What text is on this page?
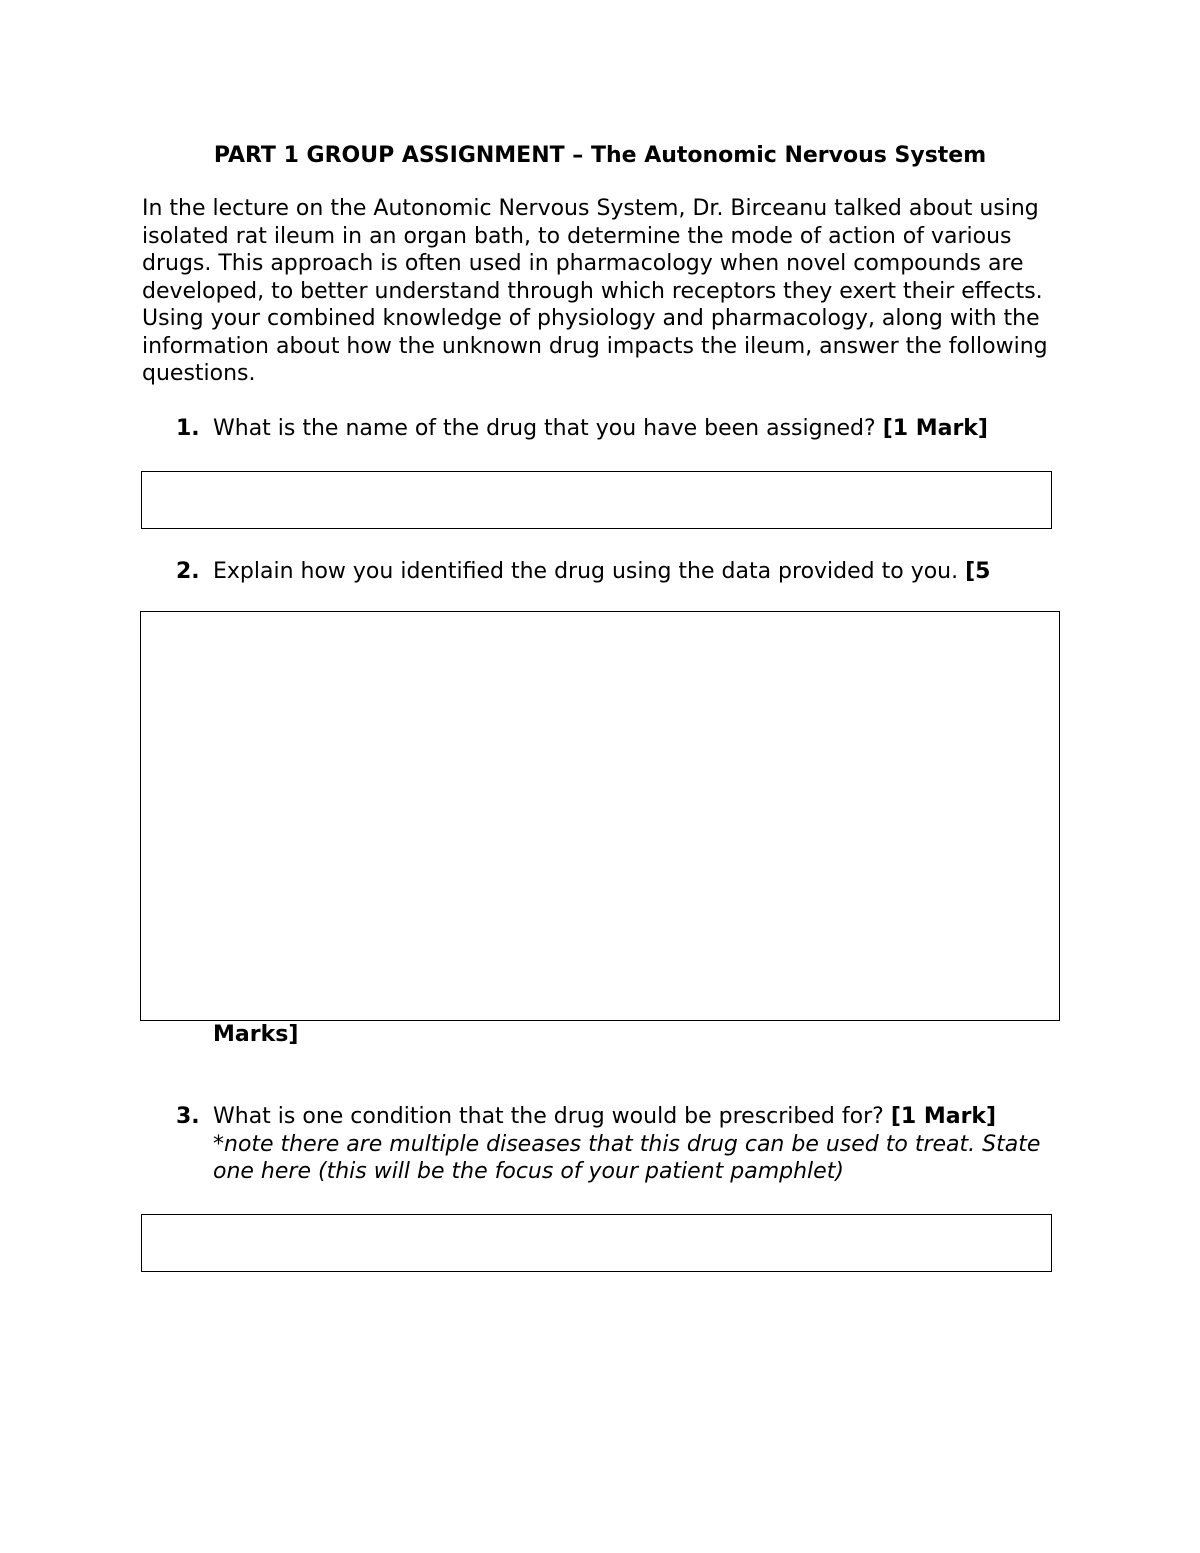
PART 1 GROUP ASSIGNMENT – The Autonomic Nervous System

In the lecture on the Autonomic Nervous System, Dr. Birceanu talked about using isolated rat ileum in an organ bath, to determine the mode of action of various drugs. This approach is often used in pharmacology when novel compounds are developed, to better understand through which receptors they exert their effects. Using your combined knowledge of physiology and pharmacology, along with the information about how the unknown drug impacts the ileum, answer the following questions.

1. What is the name of the drug that you have been assigned? [1 Mark]
2. Explain how you identified the drug using the data provided to you. [5

Marks]

3. What is one condition that the drug would be prescribed for? [1 Mark]
*note there are multiple diseases that this drug can be used to treat. State one here (this will be the focus of your patient pamphlet)
